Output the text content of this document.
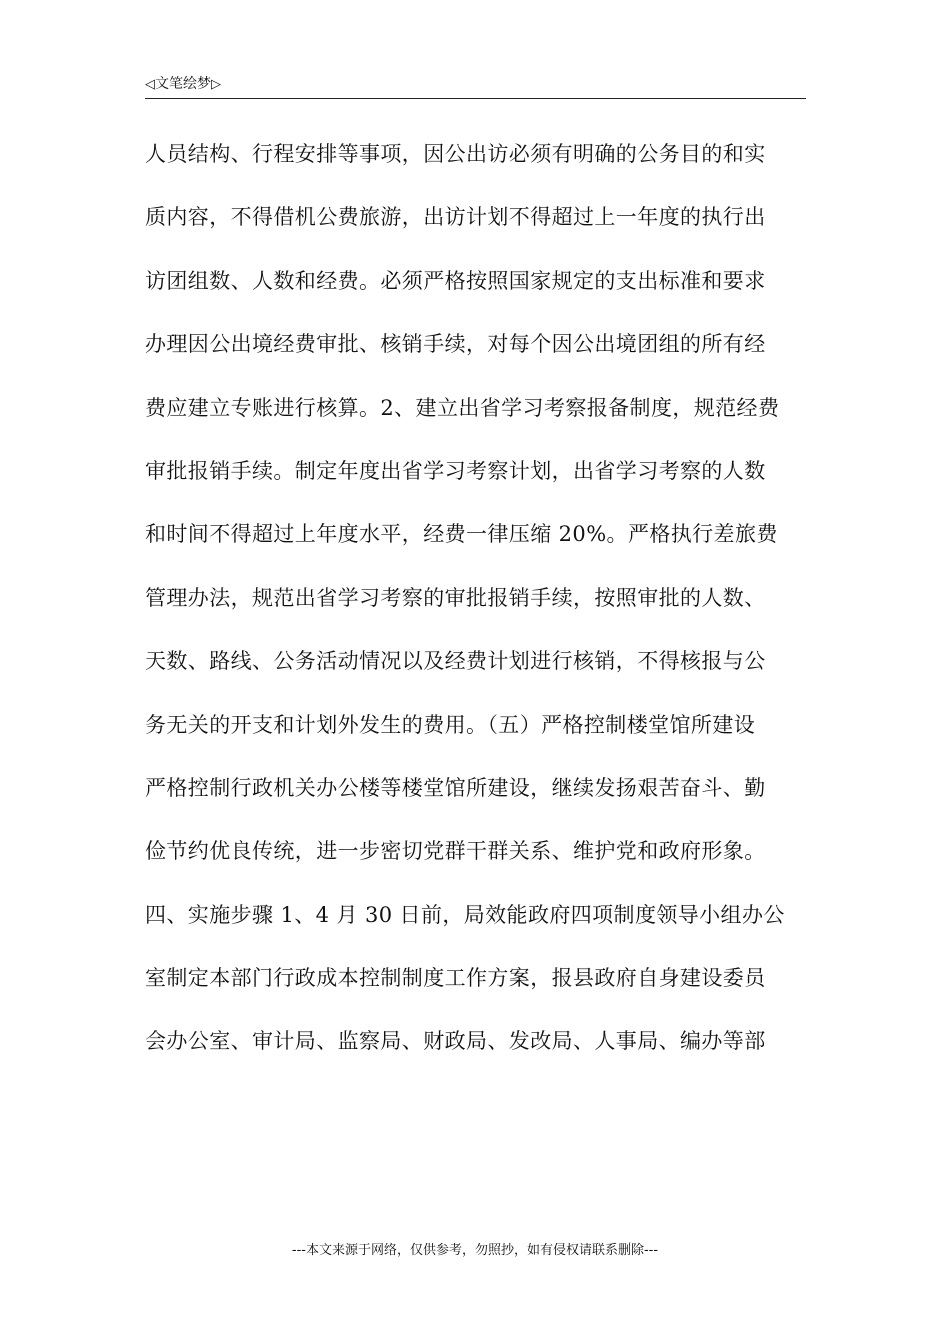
◁文笔绘梦▷
人员结构、行程安排等事项，因公出访必须有明确的公务目的和实
质内容，不得借机公费旅游，出访计划不得超过上一年度的执行出
访团组数、人数和经费。必须严格按照国家规定的支出标准和要求
办理因公出境经费审批、核销手续，对每个因公出境团组的所有经
费应建立专账进行核算。2、建立出省学习考察报备制度，规范经费
审批报销手续。制定年度出省学习考察计划，出省学习考察的人数
和时间不得超过上年度水平，经费一律压缩 20%。严格执行差旅费
管理办法，规范出省学习考察的审批报销手续，按照审批的人数、
天数、路线、公务活动情况以及经费计划进行核销，不得核报与公
务无关的开支和计划外发生的费用。（五）严格控制楼堂馆所建设
严格控制行政机关办公楼等楼堂馆所建设，继续发扬艰苦奋斗、勤
俭节约优良传统，进一步密切党群干群关系、维护党和政府形象。
四、实施步骤 1、4 月 30 日前，局效能政府四项制度领导小组办公
室制定本部门行政成本控制制度工作方案，报县政府自身建设委员
会办公室、审计局、监察局、财政局、发改局、人事局、编办等部
---本文来源于网络，仅供参考，勿照抄，如有侵权请联系删除---
